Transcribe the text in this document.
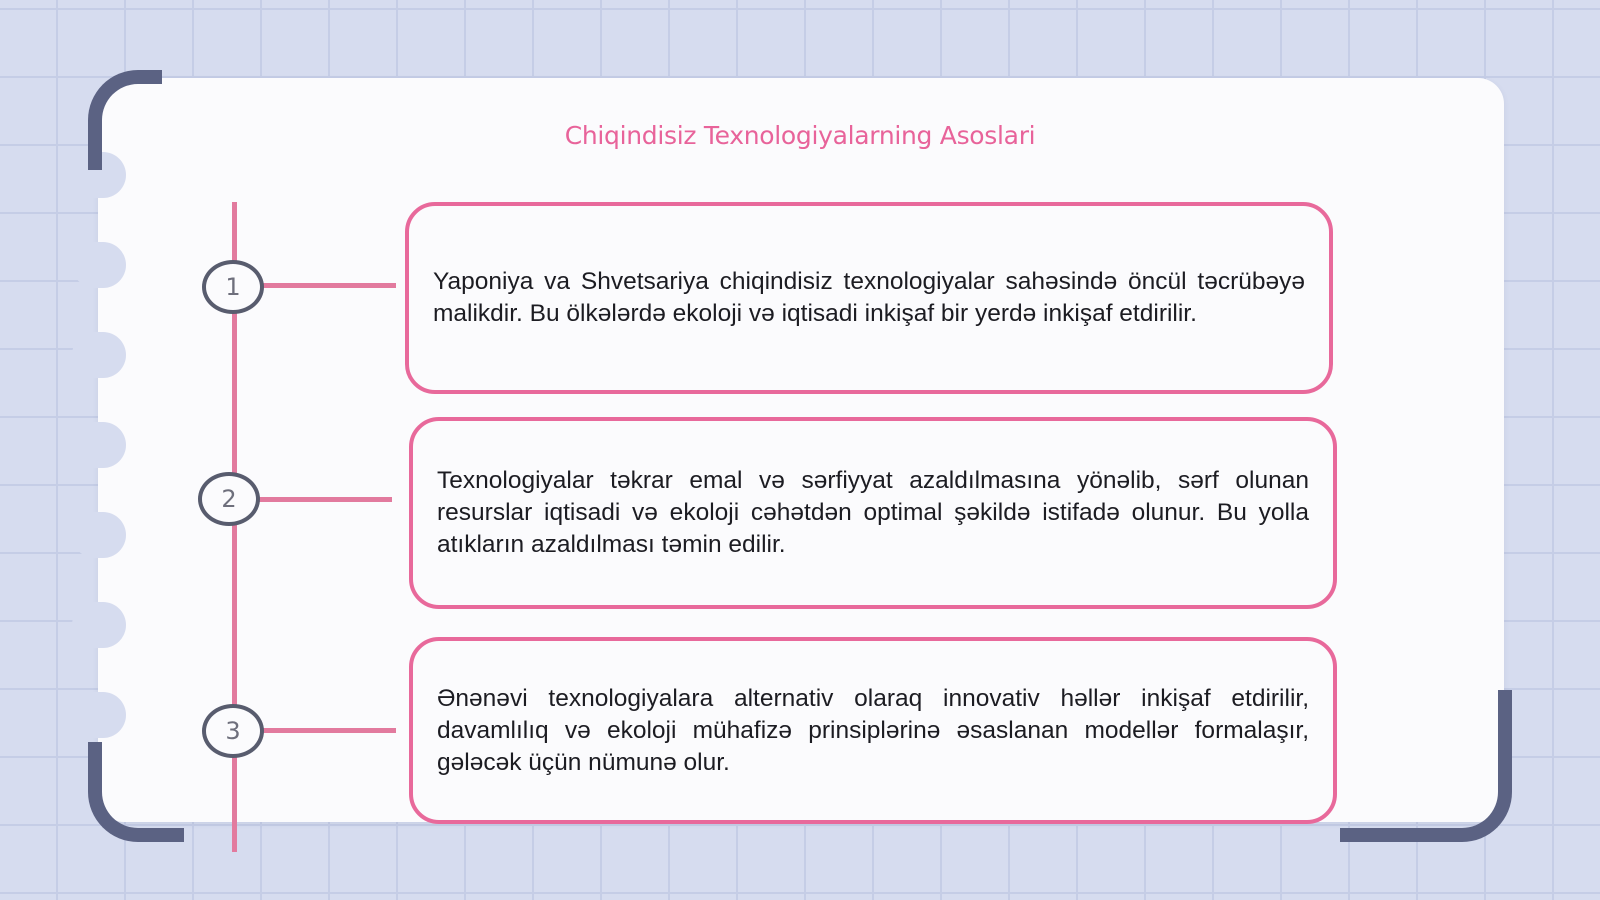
Chiqindisiz Texnologiyalarning Asoslari
1
2
3

Yaponiya va Shvetsariya chiqindisiz texnologiyalar sahəsində öncül təcrübəyə malikdir. Bu ölkələrdə ekoloji və iqtisadi inkişaf bir yerdə inkişaf etdirilir.

Texnologiyalar təkrar emal və sərfiyyat azaldılmasına yönəlib, sərf olunan resurslar iqtisadi və ekoloji cəhətdən optimal şəkildə istifadə olunur. Bu yolla atıkların azaldılması təmin edilir.

Ənənəvi texnologiyalara alternativ olaraq innovativ həllər inkişaf etdirilir, davamlılıq və ekoloji mühafizə prinsiplərinə əsaslanan modellər formalaşır, gələcək üçün nümunə olur.
